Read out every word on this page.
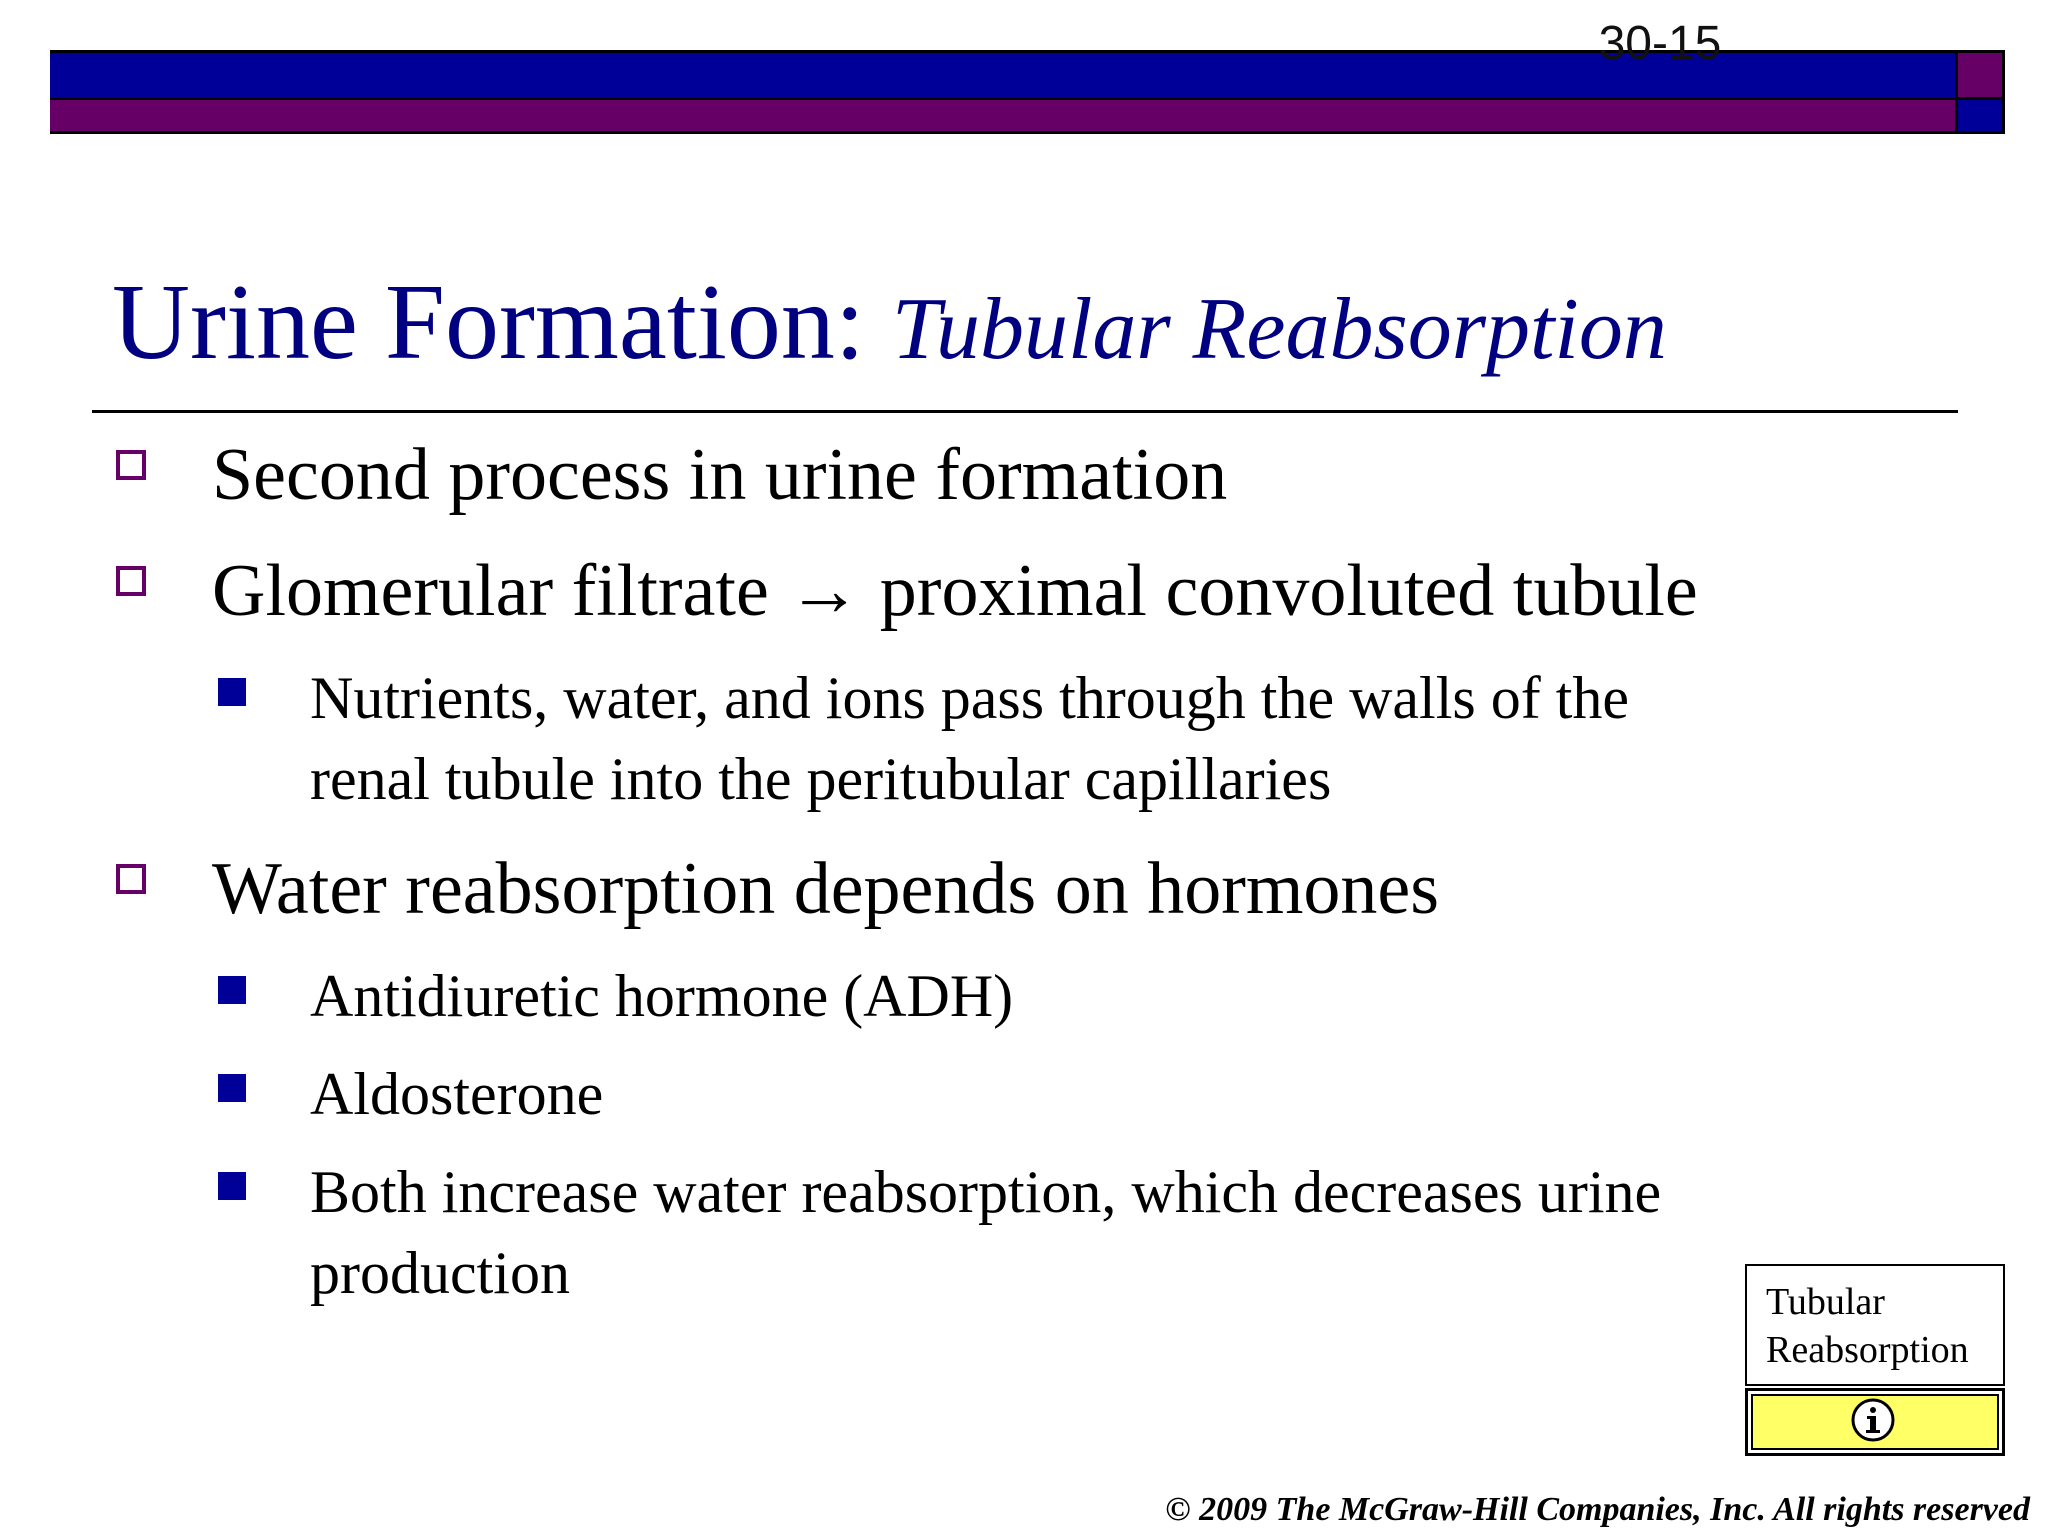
30-15
Urine Formation: Tubular Reabsorption
Second process in urine formation
Glomerular filtrate → proximal convoluted tubule
Nutrients, water, and ions pass through the walls of the
renal tubule into the peritubular capillaries
Water reabsorption depends on hormones
Antidiuretic hormone (ADH)
Aldosterone
Both increase water reabsorption, which decreases urine
production	Tubular
Reabsorption
© 2009 The McGraw-Hill Companies, Inc. All rights reserved
